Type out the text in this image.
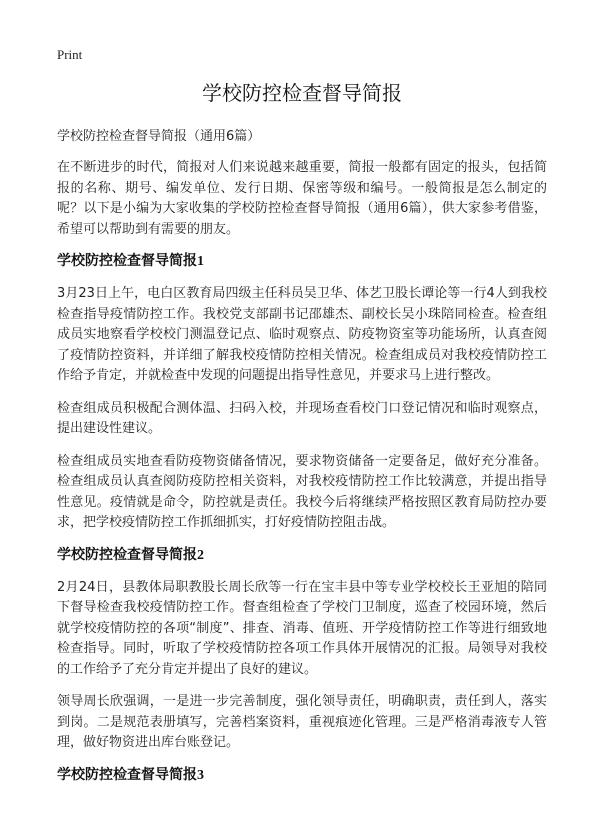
Print
学校防控检查督导简报

学校防控检查督导简报（通用6篇）

在不断进步的时代，简报对人们来说越来越重要，简报一般都有固定的报头，包括简报的名称、期号、编发单位、发行日期、保密等级和编号。一般简报是怎么制定的呢？以下是小编为大家收集的学校防控检查督导简报（通用6篇），供大家参考借鉴，希望可以帮助到有需要的朋友。

学校防控检查督导简报1

3月23日上午，电白区教育局四级主任科员吴卫华、体艺卫股长谭论等一行4人到我校检查指导疫情防控工作。我校党支部副书记邵雄杰、副校长吴小珠陪同检查。检查组成员实地察看学校校门测温登记点、临时观察点、防疫物资室等功能场所，认真查阅了疫情防控资料，并详细了解我校疫情防控相关情况。检查组成员对我校疫情防控工作给予肯定，并就检查中发现的问题提出指导性意见，并要求马上进行整改。

检查组成员积极配合测体温、扫码入校，并现场查看校门口登记情况和临时观察点，提出建设性建议。

检查组成员实地查看防疫物资储备情况，要求物资储备一定要备足，做好充分准备。检查组成员认真查阅防疫防控相关资料，对我校疫情防控工作比较满意，并提出指导性意见。疫情就是命令，防控就是责任。我校今后将继续严格按照区教育局防控办要求，把学校疫情防控工作抓细抓实，打好疫情防控阻击战。

学校防控检查督导简报2

2月24日，县教体局职教股长周长欣等一行在宝丰县中等专业学校校长王亚旭的陪同下督导检查我校疫情防控工作。督查组检查了学校门卫制度，巡查了校园环境，然后就学校疫情防控的各项“制度”、排查、消毒、值班、开学疫情防控工作等进行细致地检查指导。同时，听取了学校疫情防控各项工作具体开展情况的汇报。局领导对我校的工作给予了充分肯定并提出了良好的建议。

领导周长欣强调，一是进一步完善制度，强化领导责任，明确职责，责任到人，落实到岗。二是规范表册填写，完善档案资料，重视痕迹化管理。三是严格消毒液专人管理，做好物资进出库台账登记。

学校防控检查督导简报3
